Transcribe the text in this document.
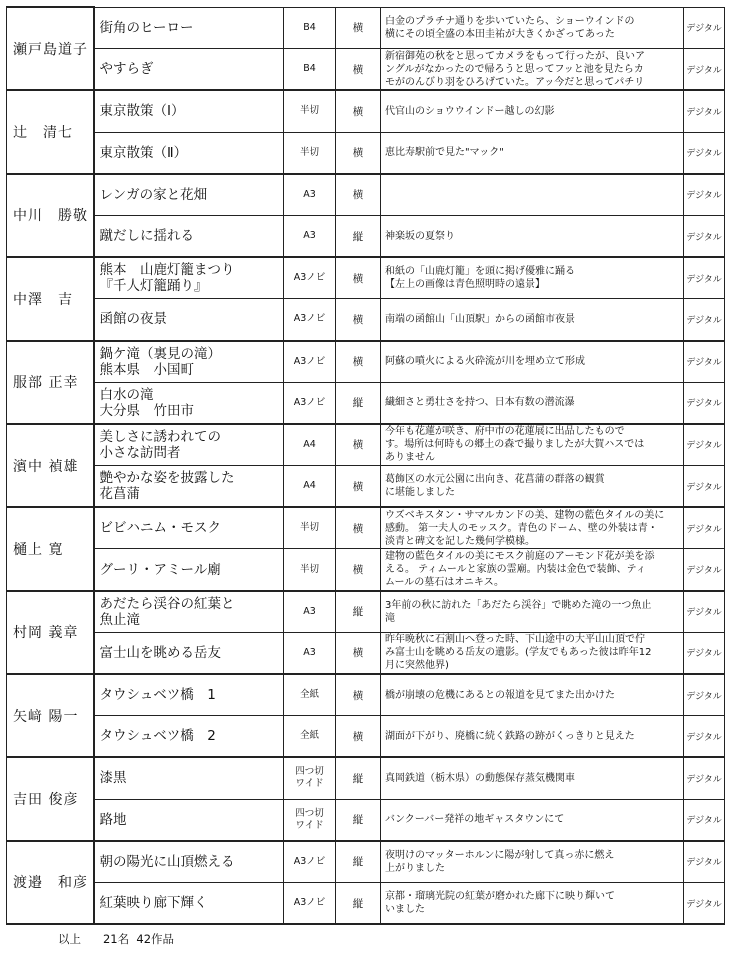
瀬戸島道子	街角のヒーロー	B4	横	白金のプラチナ通りを歩いていたら、ショーウインドの
横にその頃全盛の本田圭祐が大きくかざってあった	デジタル

	やすらぎ	B4	横	新宿御苑の秋をと思ってカメラをもって行ったが、良いア
ングルがなかったので帰ろうと思ってフッと池を見たらカ
モがのんびり羽をひろげていた。アッ今だと思ってパチリ	デジタル
辻　清七	東京散策（Ⅰ）	半切	横	代官山のショウウインドー越しの幻影	デジタル

	東京散策（Ⅱ）	半切	横	恵比寿駅前で見た"マック"	デジタル
中川　勝敬	レンガの家と花畑	A3	横		デジタル

	蹴だしに揺れる	A3	縦	神楽坂の夏祭り	デジタル
中澤　吉	熊本　山鹿灯籠まつり
『千人灯籠踊り』	A3ノビ	横	和紙の「山鹿灯籠」を頭に掲げ優雅に踊る
【左上の画像は青色照明時の遠景】	デジタル

	函館の夜景	A3ノビ	横	南端の函館山「山頂駅」からの函館市夜景	デジタル
服部 正幸	鍋ケ滝（裏見の滝）
熊本県　小国町	A3ノビ	横	阿蘇の噴火による火砕流が川を埋め立て形成	デジタル

	白水の滝
大分県　竹田市	A3ノビ	縦	繊細さと勇壮さを持つ、日本有数の潜流瀑	デジタル
濱中 禎雄	美しさに誘われての
小さな訪問者	A4	横	今年も花蓮が咲き、府中市の花蓮展に出品したもので
す。場所は何時もの郷土の森で撮りましたが大賀ハスでは
ありません	デジタル

	艶やかな姿を披露した
花菖蒲	A4	横	葛飾区の水元公園に出向き、花菖蒲の群落の観賞
に堪能しました	デジタル
樋上 寛	ビビハニム・モスク	半切	横	ウズベキスタン・サマルカンドの美、建物の藍色タイルの美に
感動。 第一夫人のモッスク。青色のドーム、壁の外装は青・
淡青と碑文を記した幾何学模様。	デジタル

	グーリ・アミール廟	半切	横	建物の藍色タイルの美にモスク前庭のアーモンド花が美を添
える。 ティムールと家族の霊廟。内装は金色で装飾、ティ
ムールの墓石はオニキス。	デジタル
村岡 義章	あだたら渓谷の紅葉と
魚止滝	A3	縦	3年前の秋に訪れた「あだたら渓谷」で眺めた滝の一つ魚止
滝	デジタル

	富士山を眺める岳友	A3	横	昨年晩秋に石割山へ登った時、下山途中の大平山山頂で佇
み富士山を眺める岳友の遺影。(学友でもあった彼は昨年12
月に突然他界)	デジタル
矢﨑 陽一	タウシュベツ橋　1	全紙	横	橋が崩壊の危機にあるとの報道を見てまた出かけた	デジタル

	タウシュベツ橋　2	全紙	横	湖面が下がり、廃橋に続く鉄路の跡がくっきりと見えた	デジタル
吉田 俊彦	漆黒	四つ切
ワイド	縦	真岡鉄道（栃木県）の動態保存蒸気機関車	デジタル

	路地	四つ切
ワイド	縦	バンクーバー発祥の地ギャスタウンにて	デジタル
渡邉　和彦	朝の陽光に山頂燃える	A3ノビ	縦	夜明けのマッターホルンに陽が射して真っ赤に燃え
上がりました	デジタル

	紅葉映り廊下輝く	A3ノビ	縦	京都・瑠璃光院の紅葉が磨かれた廊下に映り輝いて
いました	デジタル
以上 21名 42作品
